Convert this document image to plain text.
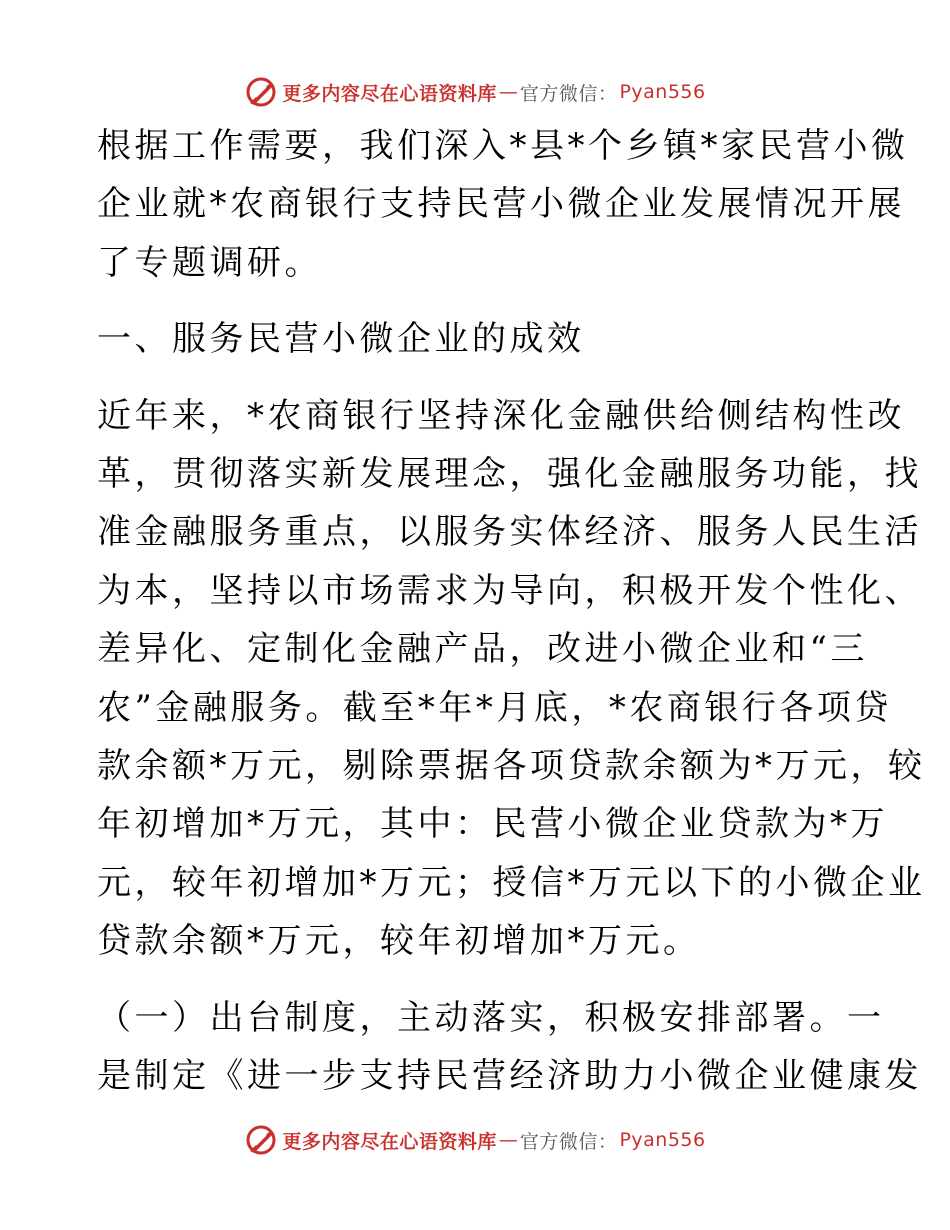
更多内容尽在心语资料库 — 官方微信： Pyan556

根据工作需要，我们深入*县*个乡镇*家民营小微
企业就*农商银行支持民营小微企业发展情况开展
了专题调研。

一、服务民营小微企业的成效

近年来，*农商银行坚持深化金融供给侧结构性改
革，贯彻落实新发展理念，强化金融服务功能，找
准金融服务重点，以服务实体经济、服务人民生活
为本，坚持以市场需求为导向，积极开发个性化、
差异化、定制化金融产品，改进小微企业和“三
农”金融服务。截至*年*月底，*农商银行各项贷
款余额*万元，剔除票据各项贷款余额为*万元，较
年初增加*万元，其中：民营小微企业贷款为*万
元，较年初增加*万元；授信*万元以下的小微企业
贷款余额*万元，较年初增加*万元。

（一）出台制度，主动落实，积极安排部署。一
是制定《进一步支持民营经济助力小微企业健康发

更多内容尽在心语资料库 — 官方微信： Pyan556
